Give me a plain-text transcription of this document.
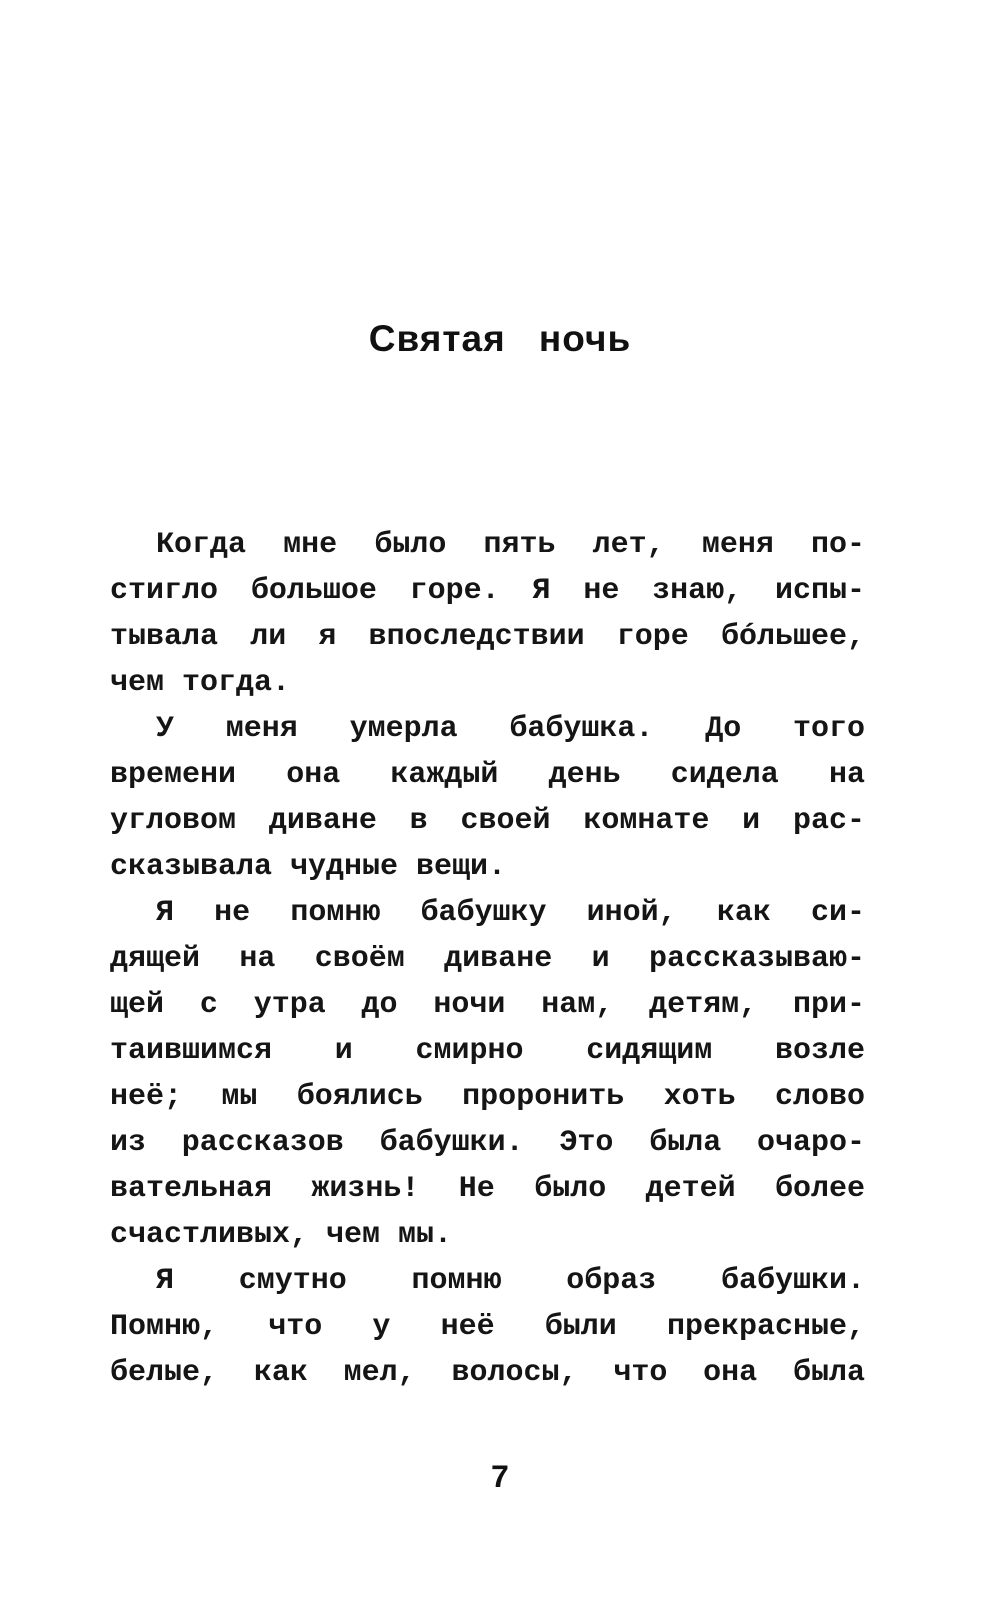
Святая ночь
Когда мне было пять лет, меня по-
стигло большое горе. Я не знаю, испы-
тывала ли я впоследствии горе бóльшее,
чем тогда.
У меня умерла бабушка. До того
времени она каждый день сидела на
угловом диване в своей комнате и рас-
сказывала чудные вещи.
Я не помню бабушку иной, как си-
дящей на своём диване и рассказываю-
щей с утра до ночи нам, детям, при-
таившимся и смирно сидящим возле
неё; мы боялись проронить хоть слово
из рассказов бабушки. Это была очаро-
вательная жизнь! Не было детей более
счастливых, чем мы.
Я смутно помню образ бабушки.
Помню, что у неё были прекрасные,
белые, как мел, волосы, что она была
7
